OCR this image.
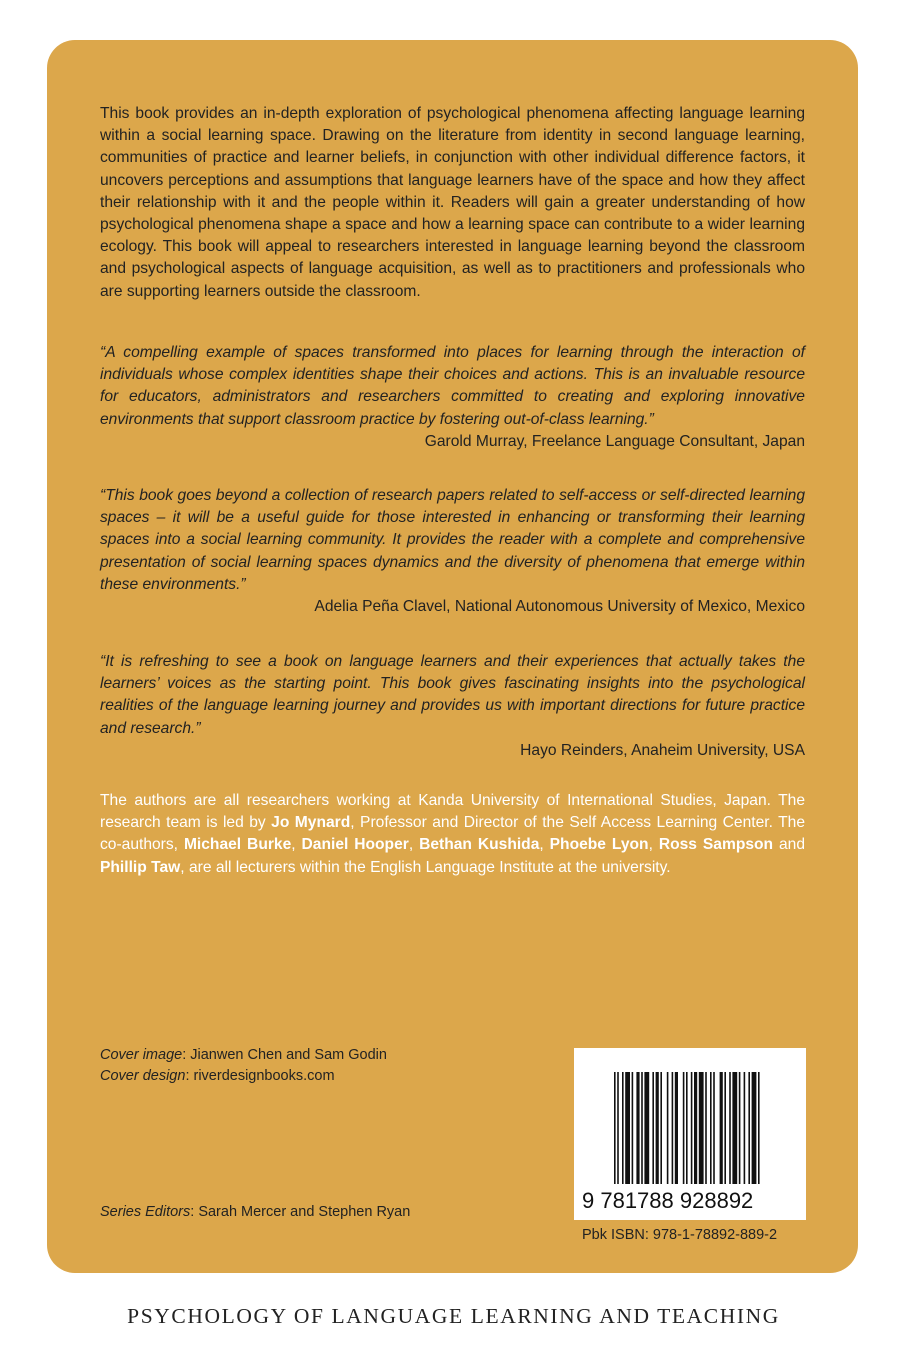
This book provides an in-depth exploration of psychological phenomena affecting language learning within a social learning space. Drawing on the literature from identity in second language learning, communities of practice and learner beliefs, in conjunction with other individual difference factors, it uncovers perceptions and assumptions that language learners have of the space and how they affect their relationship with it and the people within it. Readers will gain a greater understanding of how psychological phenomena shape a space and how a learning space can contribute to a wider learning ecology. This book will appeal to researchers interested in language learning beyond the classroom and psychological aspects of language acquisition, as well as to practitioners and professionals who are supporting learners outside the classroom.
“A compelling example of spaces transformed into places for learning through the interaction of individuals whose complex identities shape their choices and actions. This is an invaluable resource for educators, administrators and researchers committed to creating and exploring innovative environments that support classroom practice by fostering out-of-class learning.”
Garold Murray, Freelance Language Consultant, Japan
“This book goes beyond a collection of research papers related to self-access or self-directed learning spaces – it will be a useful guide for those interested in enhancing or transforming their learning spaces into a social learning community. It provides the reader with a complete and comprehensive presentation of social learning spaces dynamics and the diversity of phenomena that emerge within these environments.”
Adelia Peña Clavel, National Autonomous University of Mexico, Mexico
“It is refreshing to see a book on language learners and their experiences that actually takes the learners’ voices as the starting point. This book gives fascinating insights into the psychological realities of the language learning journey and provides us with important directions for future practice and research.”
Hayo Reinders, Anaheim University, USA
The authors are all researchers working at Kanda University of International Studies, Japan. The research team is led by Jo Mynard, Professor and Director of the Self Access Learning Center. The co-authors, Michael Burke, Daniel Hooper, Bethan Kushida, Phoebe Lyon, Ross Sampson and Phillip Taw, are all lecturers within the English Language Institute at the university.
Cover image: Jianwen Chen and Sam Godin
Cover design: riverdesignbooks.com
Series Editors: Sarah Mercer and Stephen Ryan	9 781788 928892
Pbk ISBN: 978-1-78892-889-2
PSYCHOLOGY OF LANGUAGE LEARNING AND TEACHING
